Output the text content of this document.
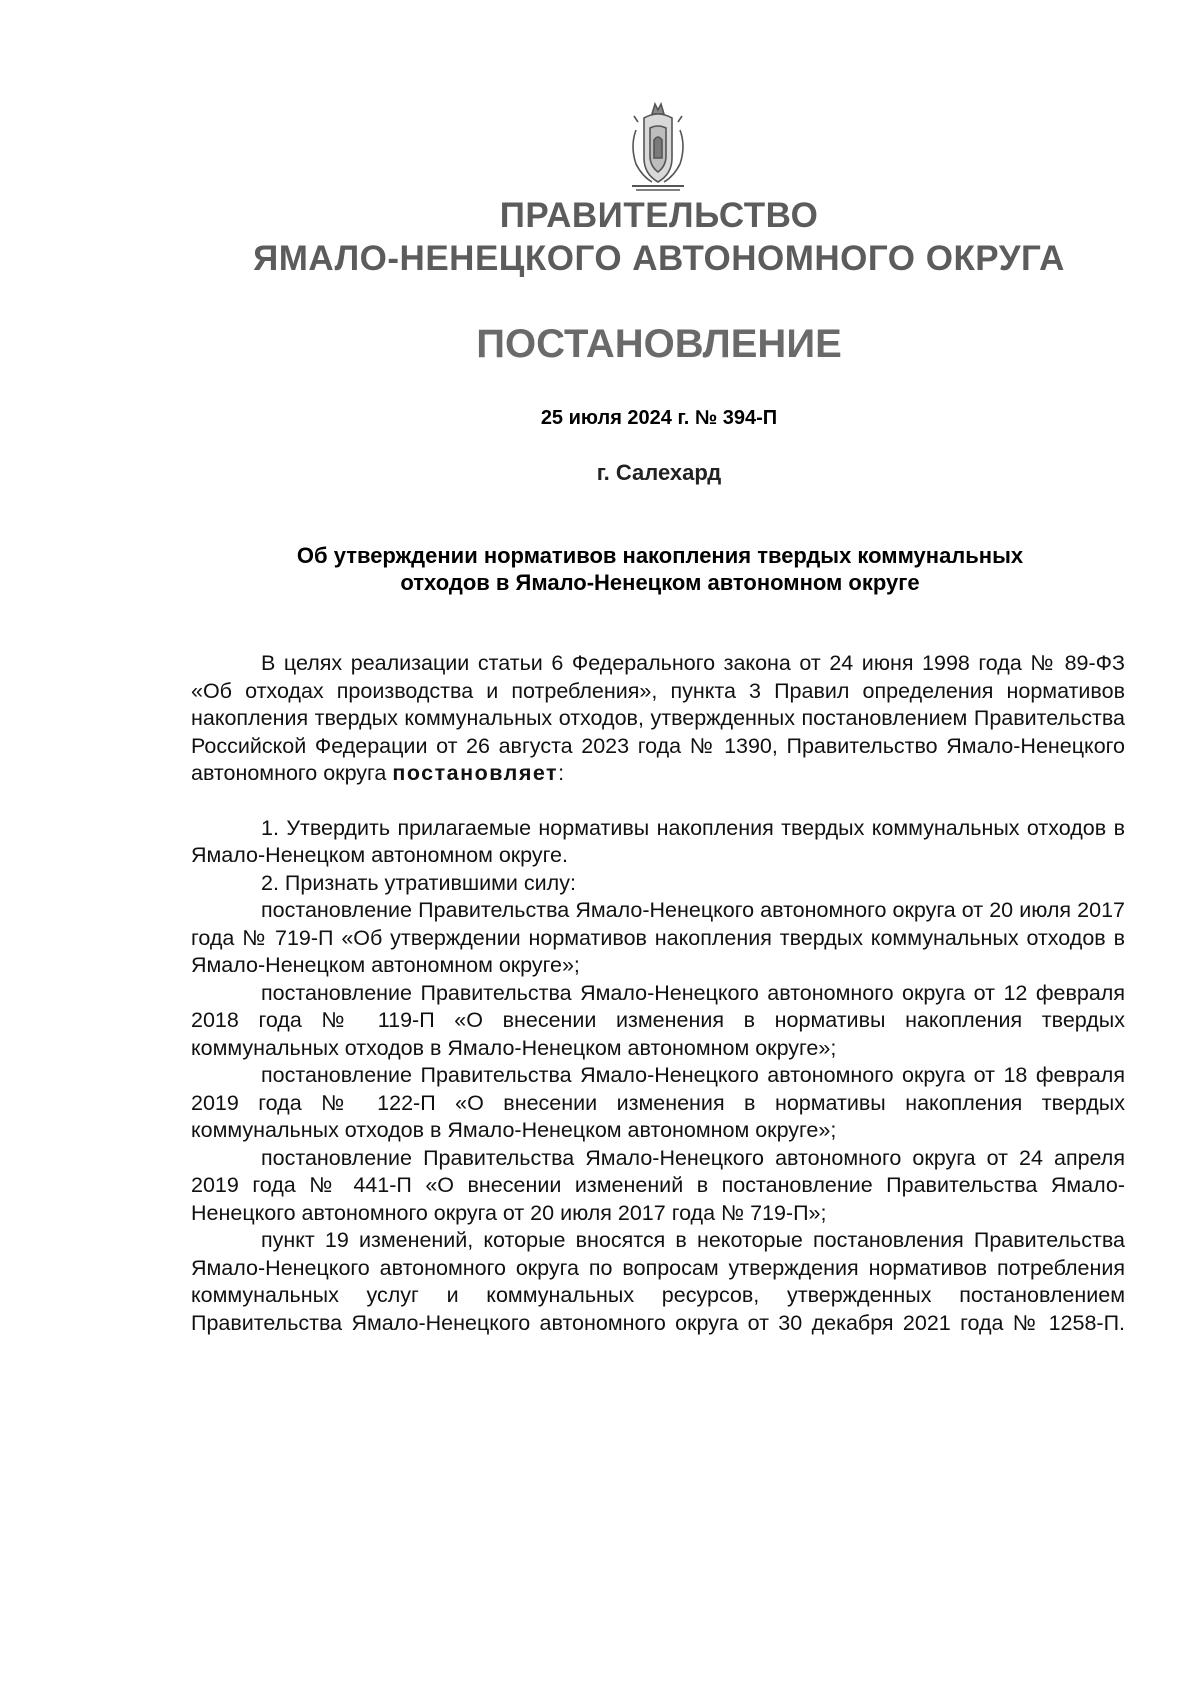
ПРАВИТЕЛЬСТВО
ЯМАЛО-НЕНЕЦКОГО АВТОНОМНОГО ОКРУГА
ПОСТАНОВЛЕНИЕ
25 июля 2024 г. № 394-П
г. Салехард
Об утверждении нормативов накопления твердых коммунальных
отходов в Ямало-Ненецком автономном округе

В целях реализации статьи 6 Федерального закона от 24 июня 1998 года № 89-ФЗ «Об отходах производства и потребления», пункта 3 Правил определения нормативов накопления твердых коммунальных отходов, утвержденных постановлением Правительства Российской Федерации от 26 августа 2023 года № 1390, Правительство Ямало-Ненецкого автономного округа постановляет:

1. Утвердить прилагаемые нормативы накопления твердых коммунальных отходов в Ямало-Ненецком автономном округе.

2. Признать утратившими силу:

постановление Правительства Ямало-Ненецкого автономного округа от 20 июля 2017 года № 719-П «Об утверждении нормативов накопления твердых коммунальных отходов в Ямало-Ненецком автономном округе»;

постановление Правительства Ямало-Ненецкого автономного округа от 12 февраля 2018 года № 119-П «О внесении изменения в нормативы накопления твердых коммунальных отходов в Ямало-Ненецком автономном округе»;

постановление Правительства Ямало-Ненецкого автономного округа от 18 февраля 2019 года № 122-П «О внесении изменения в нормативы накопления твердых коммунальных отходов в Ямало-Ненецком автономном округе»;

постановление Правительства Ямало-Ненецкого автономного округа от 24 апреля 2019 года № 441-П «О внесении изменений в постановление Правительства Ямало-Ненецкого автономного округа от 20 июля 2017 года № 719-П»;

пункт 19 изменений, которые вносятся в некоторые постановления Правительства Ямало-Ненецкого автономного округа по вопросам утверждения нормативов потребления коммунальных услуг и коммунальных ресурсов, утвержденных постановлением Правительства Ямало-Ненецкого автономного округа от 30 декабря 2021 года № 1258-П.
